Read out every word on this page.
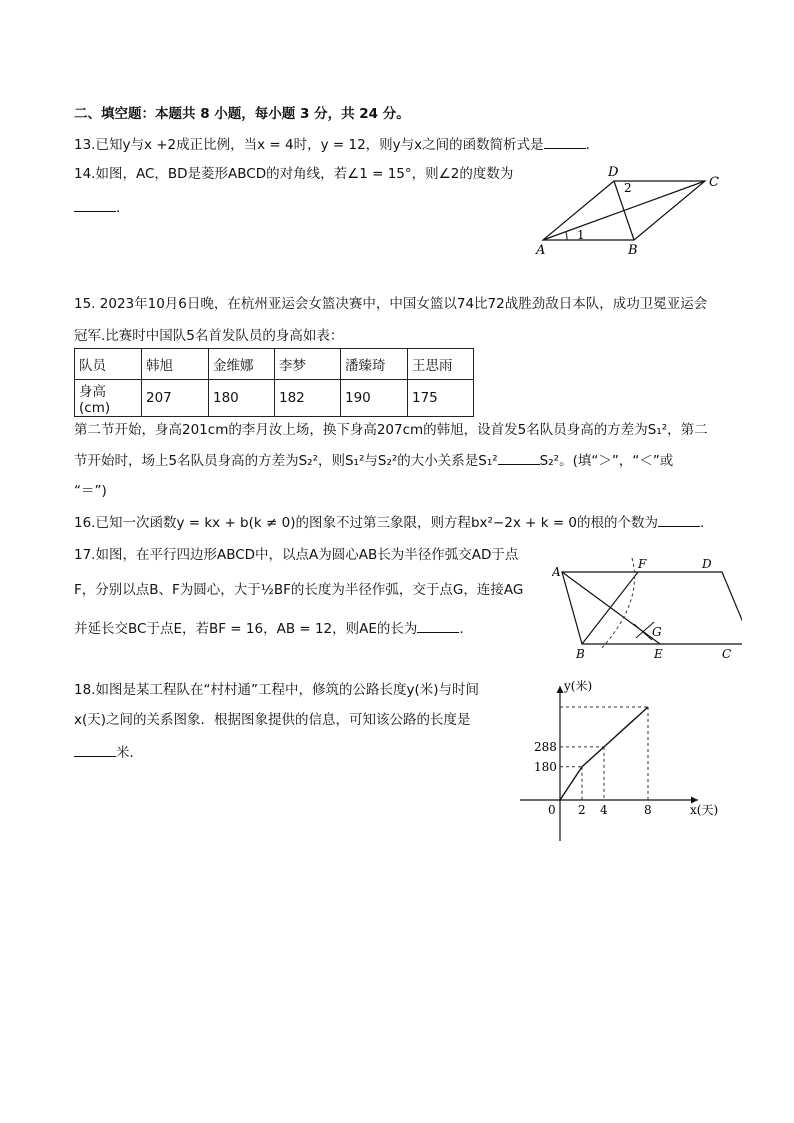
二、填空题：本题共 8 小题，每小题 3 分，共 24 分。
13.已知y与x +2成正比例，当x = 4时，y = 12，则y与x之间的函数简析式是	.
14.如图，AC，BD是菱形ABCD的对角线，若∠1 = 15°，则∠2的度数为
.
1
2
A	B
C
D
15. 2023年10月6日晚，在杭州亚运会女篮决赛中，中国女篮以74比72战胜劲敌日本队，成功卫冕亚运会
冠军.比赛时中国队5名首发队员的身高如表：
队员	韩旭	金维娜	李梦	潘臻琦	王思雨
身高(cm)	207	180	182	190	175
第二节开始，身高201cm的李月汝上场，换下身高207cm的韩旭，设首发5名队员身高的方差为S₁²，第二
节开始时，场上5名队员身高的方差为S₂²，则S₁²与S₂²的大小关系是S₁²	S₂²。(填“＞”，“＜”或
“＝”)
16.已知一次函数y = kx + b(k ≠ 0)的图象不过第三象限，则方程bx²−2x + k = 0的根的个数为	.
17.如图，在平行四边形ABCD中，以点A为圆心AB长为半径作弧交AD于点
F，分别以点B、F为圆心，大于½BF的长度为半径作弧，交于点G，连接AG
并延长交BC于点E，若BF = 16，AB = 12，则AE的长为	.
A
F	D
G
B	E	C
18.如图是某工程队在“村村通”工程中，修筑的公路长度y(米)与时间
x(天)之间的关系图象．根据图象提供的信息，可知该公路的长度是
米．
y(米)
x(天)
0 2 4	8
288
180
